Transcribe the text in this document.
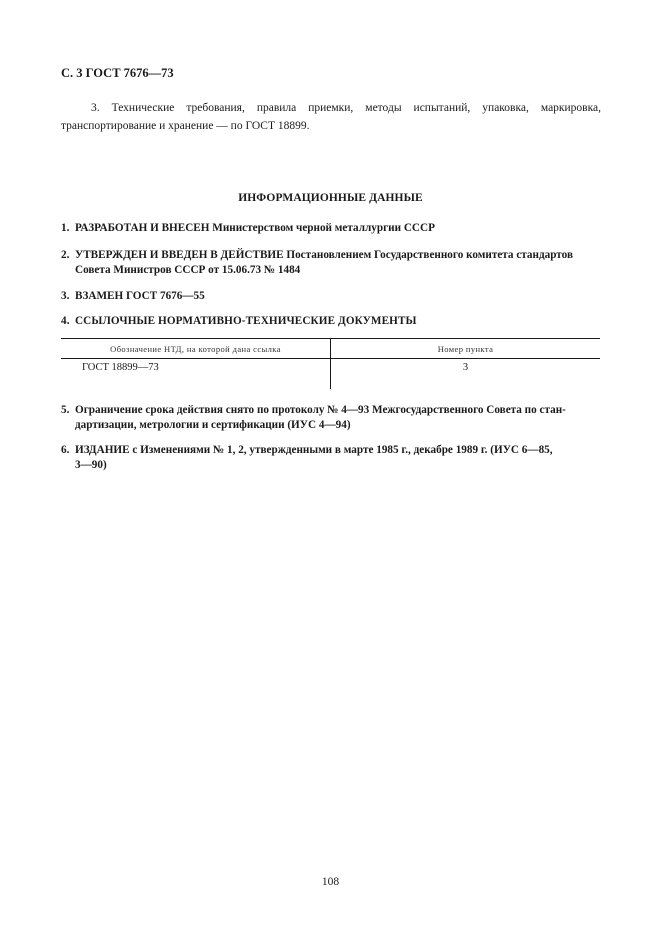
С. 3 ГОСТ 7676—73

3. Технические требования, правила приемки, методы испытаний, упаковка, маркировка, транспортирование и хранение — по ГОСТ 18899.

ИНФОРМАЦИОННЫЕ ДАННЫЕ

1. РАЗРАБОТАН И ВНЕСЕН Министерством черной металлургии СССР

2. УТВЕРЖДЕН И ВВЕДЕН В ДЕЙСТВИЕ Постановлением Государственного комитета стандартов
Совета Министров СССР от 15.06.73 № 1484

3. ВЗАМЕН ГОСТ 7676—55

4. ССЫЛОЧНЫЕ НОРМАТИВНО-ТЕХНИЧЕСКИЕ ДОКУМЕНТЫ

Обозначение НТД, на которой дана ссылка	Номер пункта
ГОСТ 18899—73	3

5. Ограничение срока действия снято по протоколу № 4—93 Межгосударственного Совета по стан-
дартизации, метрологии и сертификации (ИУС 4—94)

6. ИЗДАНИЕ с Изменениями № 1, 2, утвержденными в марте 1985 г., декабре 1989 г. (ИУС 6—85,
3—90)

108
